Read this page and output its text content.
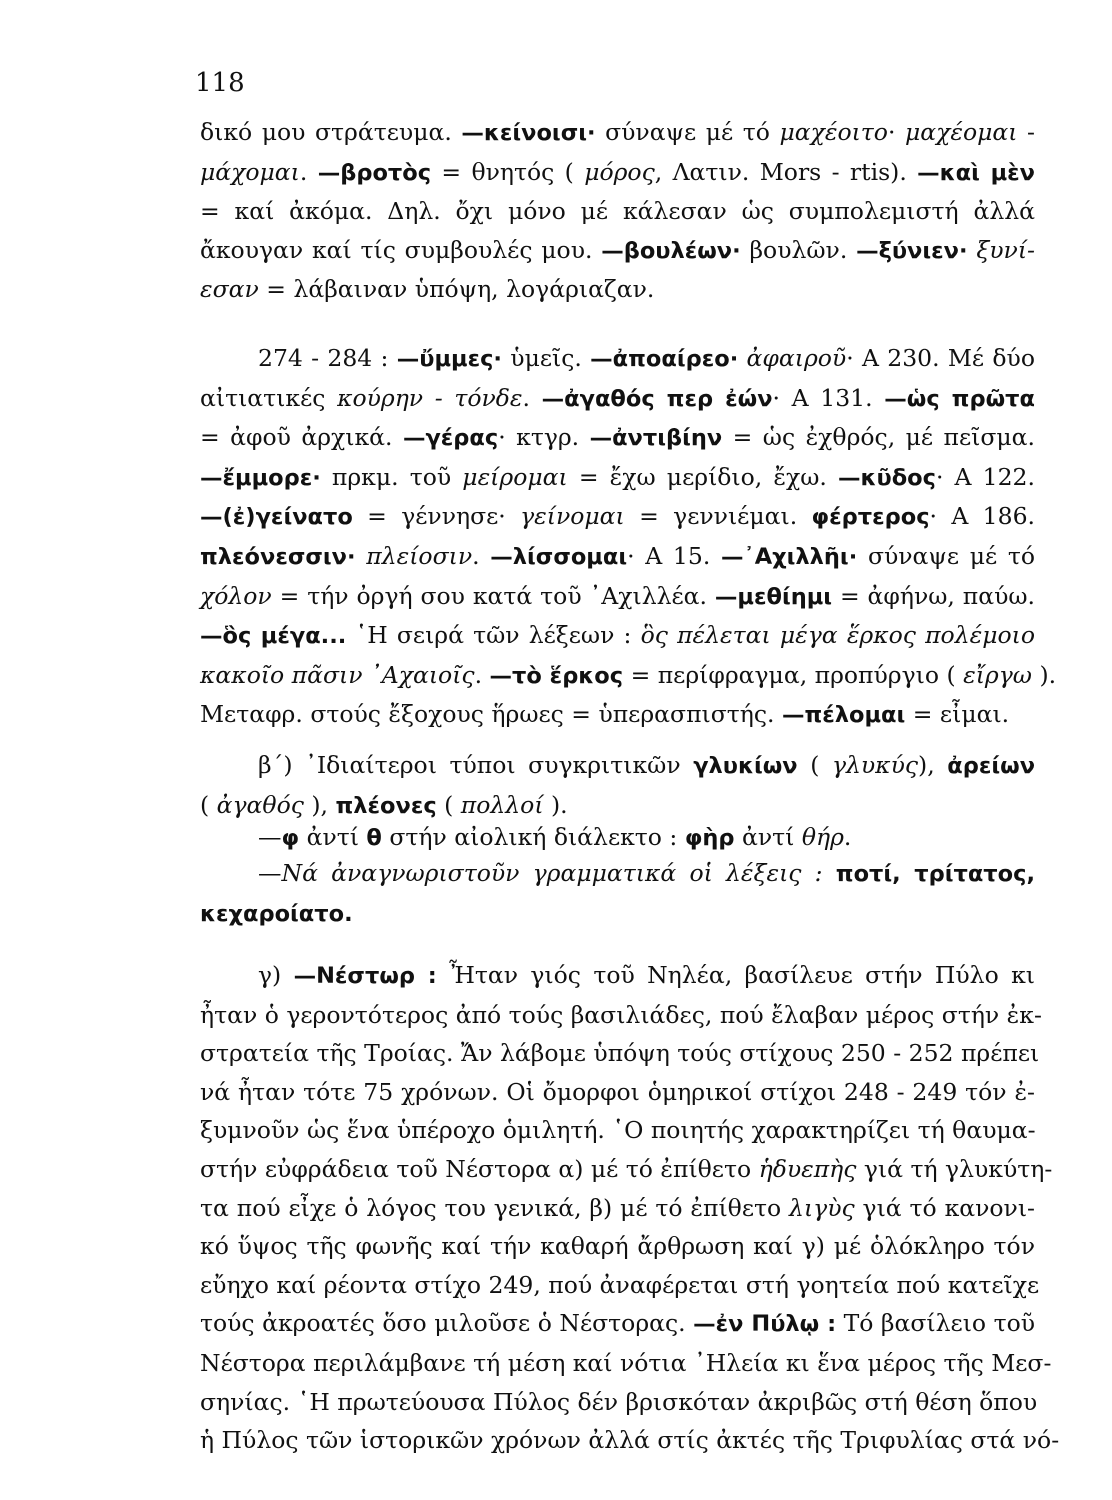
118
δικό μου στράτευμα. —κείνοισι· σύναψε μέ τό μαχέοιτο· μαχέομαι -
μάχομαι. —βροτὸς = θνητός ( μόρος, Λατιν. Mors - rtis). —καὶ μὲν
= καί ἀκόμα. Δηλ. ὄχι μόνο μέ κάλεσαν ὡς συμπολεμιστή ἀλλά
ἄκουγαν καί τίς συμβουλές μου. —βουλέων· βουλῶν. —ξύνιεν· ξυνί-
εσαν = λάβαιναν ὑπόψη, λογάριαζαν.
274 - 284 : —ὔμμες· ὑμεῖς. —ἀποαίρεο· ἀφαιροῦ· Α 230. Μέ δύο
αἰτιατικές κούρην - τόνδε. —ἀγαθός περ ἐών· Α 131. —ὡς πρῶτα
= ἀφοῦ ἀρχικά. —γέρας· κτγρ. —ἀντιβίην = ὡς ἐχθρός, μέ πεῖσμα.
—ἔμμορε· πρκμ. τοῦ μείρομαι = ἔχω μερίδιο, ἔχω. —κῦδος· Α 122.
—(ἐ)γείνατο = γέννησε· γείνομαι = γεννιέμαι. φέρτερος· Α 186.
πλεόνεσσιν· πλείοσιν. —λίσσομαι· Α 15. —᾿Αχιλλῆι· σύναψε μέ τό
χόλον = τήν ὀργή σου κατά τοῦ ᾿Αχιλλέα. —μεθίημι = ἀφήνω, παύω.
—ὃς μέγα... ῾Η σειρά τῶν λέξεων : ὃς πέλεται μέγα ἕρκος πολέμοιο
κακοῖο πᾶσιν ᾿Αχαιοῖς. —τὸ ἕρκος = περίφραγμα, προπύργιο ( εἴργω ).
Μεταφρ. στούς ἔξοχους ἥρωες = ὑπερασπιστής. —πέλομαι = εἶμαι.
β΄) ᾿Ιδιαίτεροι τύποι συγκριτικῶν γλυκίων ( γλυκύς), ἀρείων
( ἀγαθός ), πλέονες ( πολλοί ).
—φ ἀντί θ στήν αἰολική διάλεκτο : φὴρ ἀντί θήρ.
—Νά ἀναγνωριστοῦν γραμματικά οἱ λέξεις : ποτί, τρίτατος,
κεχαροίατο.
γ) —Νέστωρ : Ἦταν γιός τοῦ Νηλέα, βασίλευε στήν Πύλο κι
ἦταν ὁ γεροντότερος ἀπό τούς βασιλιάδες, πού ἔλαβαν μέρος στήν ἐκ-
στρατεία τῆς Τροίας. Ἄν λάβομε ὑπόψη τούς στίχους 250 - 252 πρέπει
νά ἦταν τότε 75 χρόνων. Οἱ ὄμορφοι ὁμηρικοί στίχοι 248 - 249 τόν ἐ-
ξυμνοῦν ὡς ἕνα ὑπέροχο ὁμιλητή. ῾Ο ποιητής χαρακτηρίζει τή θαυμα-
στήν εὐφράδεια τοῦ Νέστορα α) μέ τό ἐπίθετο ἡδυεπὴς γιά τή γλυκύτη-
τα πού εἶχε ὁ λόγος του γενικά, β) μέ τό ἐπίθετο λιγὺς γιά τό κανονι-
κό ὕψος τῆς φωνῆς καί τήν καθαρή ἄρθρωση καί γ) μέ ὁλόκληρο τόν
εὔηχο καί ρέοντα στίχο 249, πού ἀναφέρεται στή γοητεία πού κατεῖχε
τούς ἀκροατές ὅσο μιλοῦσε ὁ Νέστορας. —ἐν Πύλῳ : Τό βασίλειο τοῦ
Νέστορα περιλάμβανε τή μέση καί νότια ᾿Ηλεία κι ἕνα μέρος τῆς Μεσ-
σηνίας. ῾Η πρωτεύουσα Πύλος δέν βρισκόταν ἀκριβῶς στή θέση ὅπου
ἡ Πύλος τῶν ἱστορικῶν χρόνων ἀλλά στίς ἀκτές τῆς Τριφυλίας στά νό-
